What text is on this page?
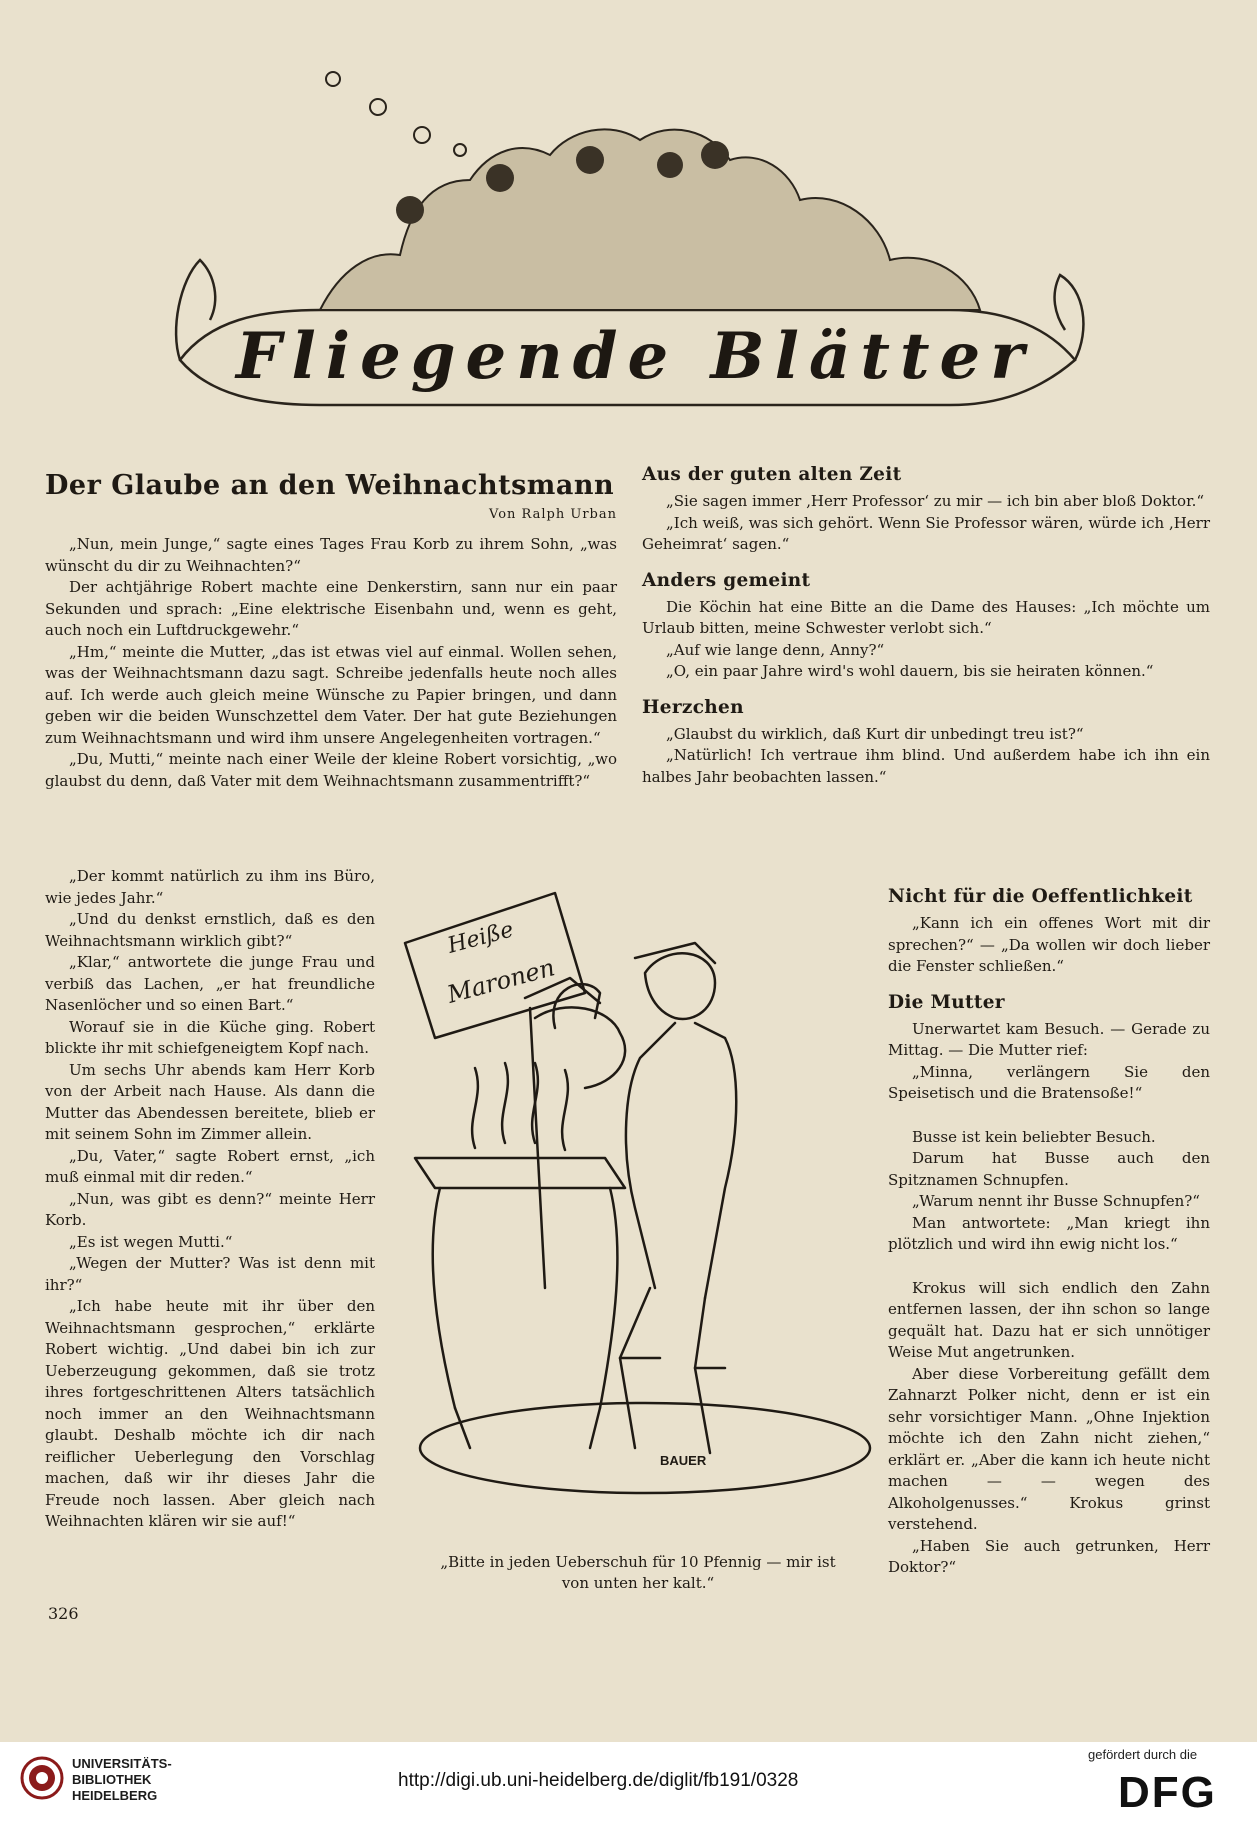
Fliegende Blätter
Der Glaube an den Weihnachtsmann
Von Ralph Urban

„Nun, mein Junge,“ sagte eines Tages Frau Korb zu ihrem Sohn, „was wünscht du dir zu Weihnachten?“

Der achtjährige Robert machte eine Denkerstirn, sann nur ein paar Sekunden und sprach: „Eine elektrische Eisenbahn und, wenn es geht, auch noch ein Luftdruckgewehr.“

„Hm,“ meinte die Mutter, „das ist etwas viel auf einmal. Wollen sehen, was der Weihnachtsmann dazu sagt. Schreibe jedenfalls heute noch alles auf. Ich werde auch gleich meine Wünsche zu Papier bringen, und dann geben wir die beiden Wunschzettel dem Vater. Der hat gute Beziehungen zum Weihnachtsmann und wird ihm unsere Angelegenheiten vortragen.“

„Du, Mutti,“ meinte nach einer Weile der kleine Robert vorsichtig, „wo glaubst du denn, daß Vater mit dem Weihnachtsmann zusammentrifft?“

„Der kommt natürlich zu ihm ins Büro, wie jedes Jahr.“

„Und du denkst ernstlich, daß es den Weihnachtsmann wirklich gibt?“

„Klar,“ antwortete die junge Frau und verbiß das Lachen, „er hat freundliche Nasenlöcher und so einen Bart.“

Worauf sie in die Küche ging. Robert blickte ihr mit schiefgeneigtem Kopf nach.

Um sechs Uhr abends kam Herr Korb von der Arbeit nach Hause. Als dann die Mutter das Abendessen bereitete, blieb er mit seinem Sohn im Zimmer allein.

„Du, Vater,“ sagte Robert ernst, „ich muß einmal mit dir reden.“

„Nun, was gibt es denn?“ meinte Herr Korb.

„Es ist wegen Mutti.“

„Wegen der Mutter? Was ist denn mit ihr?“

„Ich habe heute mit ihr über den Weihnachtsmann gesprochen,“ erklärte Robert wichtig. „Und dabei bin ich zur Ueberzeugung gekommen, daß sie trotz ihres fortgeschrittenen Alters tatsächlich noch immer an den Weihnachtsmann glaubt. Deshalb möchte ich dir nach reiflicher Ueberlegung den Vorschlag machen, daß wir ihr dieses Jahr die Freude noch lassen. Aber gleich nach Weihnachten klären wir sie auf!“

Aus der guten alten Zeit

„Sie sagen immer ‚Herr Professor‘ zu mir — ich bin aber bloß Doktor.“

„Ich weiß, was sich gehört. Wenn Sie Professor wären, würde ich ‚Herr Geheimrat‘ sagen.“

Anders gemeint

Die Köchin hat eine Bitte an die Dame des Hauses: „Ich möchte um Urlaub bitten, meine Schwester verlobt sich.“

„Auf wie lange denn, Anny?“

„O, ein paar Jahre wird's wohl dauern, bis sie heiraten können.“

Herzchen

„Glaubst du wirklich, daß Kurt dir unbedingt treu ist?“

„Natürlich! Ich vertraue ihm blind. Und außerdem habe ich ihn ein halbes Jahr beobachten lassen.“

Heiße
Maronen
BAUER
„Bitte in jeden Ueberschuh für 10 Pfennig — mir ist von unten her kalt.“
Nicht für die Oeffentlichkeit

„Kann ich ein offenes Wort mit dir sprechen?“ — „Da wollen wir doch lieber die Fenster schließen.“

Die Mutter

Unerwartet kam Besuch. — Gerade zu Mittag. — Die Mutter rief:

„Minna, verlängern Sie den Speisetisch und die Bratensoße!“

Busse ist kein beliebter Besuch.

Darum hat Busse auch den Spitznamen Schnupfen.

„Warum nennt ihr Busse Schnupfen?“

Man antwortete: „Man kriegt ihn plötzlich und wird ihn ewig nicht los.“

Krokus will sich endlich den Zahn entfernen lassen, der ihn schon so lange gequält hat. Dazu hat er sich unnötiger Weise Mut angetrunken.

Aber diese Vorbereitung gefällt dem Zahnarzt Polker nicht, denn er ist ein sehr vorsichtiger Mann. „Ohne Injektion möchte ich den Zahn nicht ziehen,“ erklärt er. „Aber die kann ich heute nicht machen — — wegen des Alkoholgenusses.“ Krokus grinst verstehend.

„Haben Sie auch getrunken, Herr Doktor?“

326
UNIVERSITÄTS-
BIBLIOTHEK
HEIDELBERG
http://digi.ub.uni-heidelberg.de/diglit/fb191/0328
gefördert durch die
DFG
